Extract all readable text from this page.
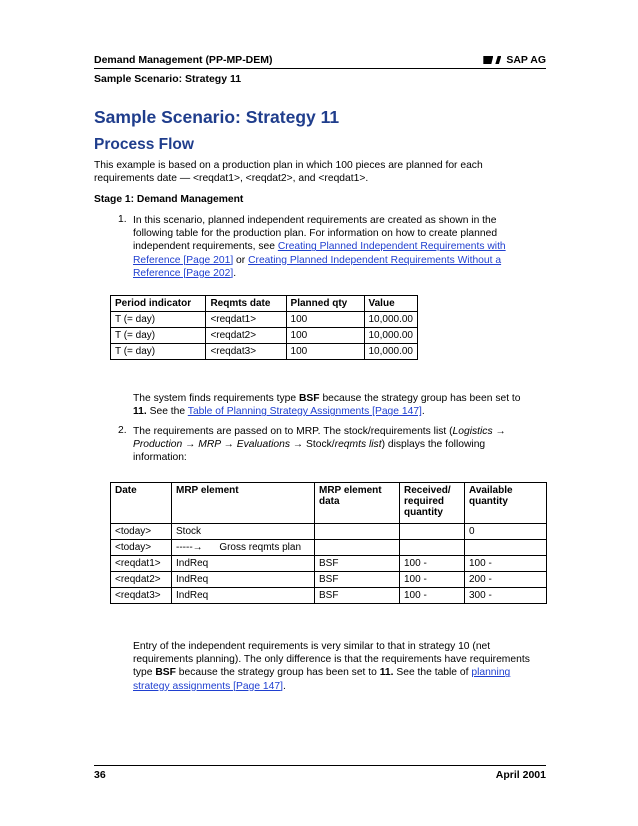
Demand Management (PP-MP-DEM)	SAP AG
Sample Scenario: Strategy 11
Sample Scenario: Strategy 11
Process Flow
This example is based on a production plan in which 100 pieces are planned for each requirements date — <reqdat1>, <reqdat2>, and <reqdat1>.
Stage 1: Demand Management
1. In this scenario, planned independent requirements are created as shown in the following table for the production plan. For information on how to create planned independent requirements, see Creating Planned Independent Requirements with Reference [Page 201] or Creating Planned Independent Requirements Without a Reference [Page 202].
Period indicator	Reqmts date	Planned qty	Value
T (= day)	<reqdat1>	100	10,000.00
T (= day)	<reqdat2>	100	10,000.00
T (= day)	<reqdat3>	100	10,000.00
The system finds requirements type BSF because the strategy group has been set to 11. See the Table of Planning Strategy Assignments [Page 147].
2. The requirements are passed on to MRP. The stock/requirements list (Logistics → Production → MRP → Evaluations → Stock/reqmts list) displays the following information:
Date	MRP element	MRP element data	Received/ required quantity	Available quantity
<today>	Stock			0
<today>	-----→      Gross reqmts plan			
<reqdat1>	IndReq	BSF	100 -	100 -
<reqdat2>	IndReq	BSF	100 -	200 -
<reqdat3>	IndReq	BSF	100 -	300 -
Entry of the independent requirements is very similar to that in strategy 10 (net requirements planning). The only difference is that the requirements have requirements type BSF because the strategy group has been set to 11. See the table of planning strategy assignments [Page 147].
36	April 2001
